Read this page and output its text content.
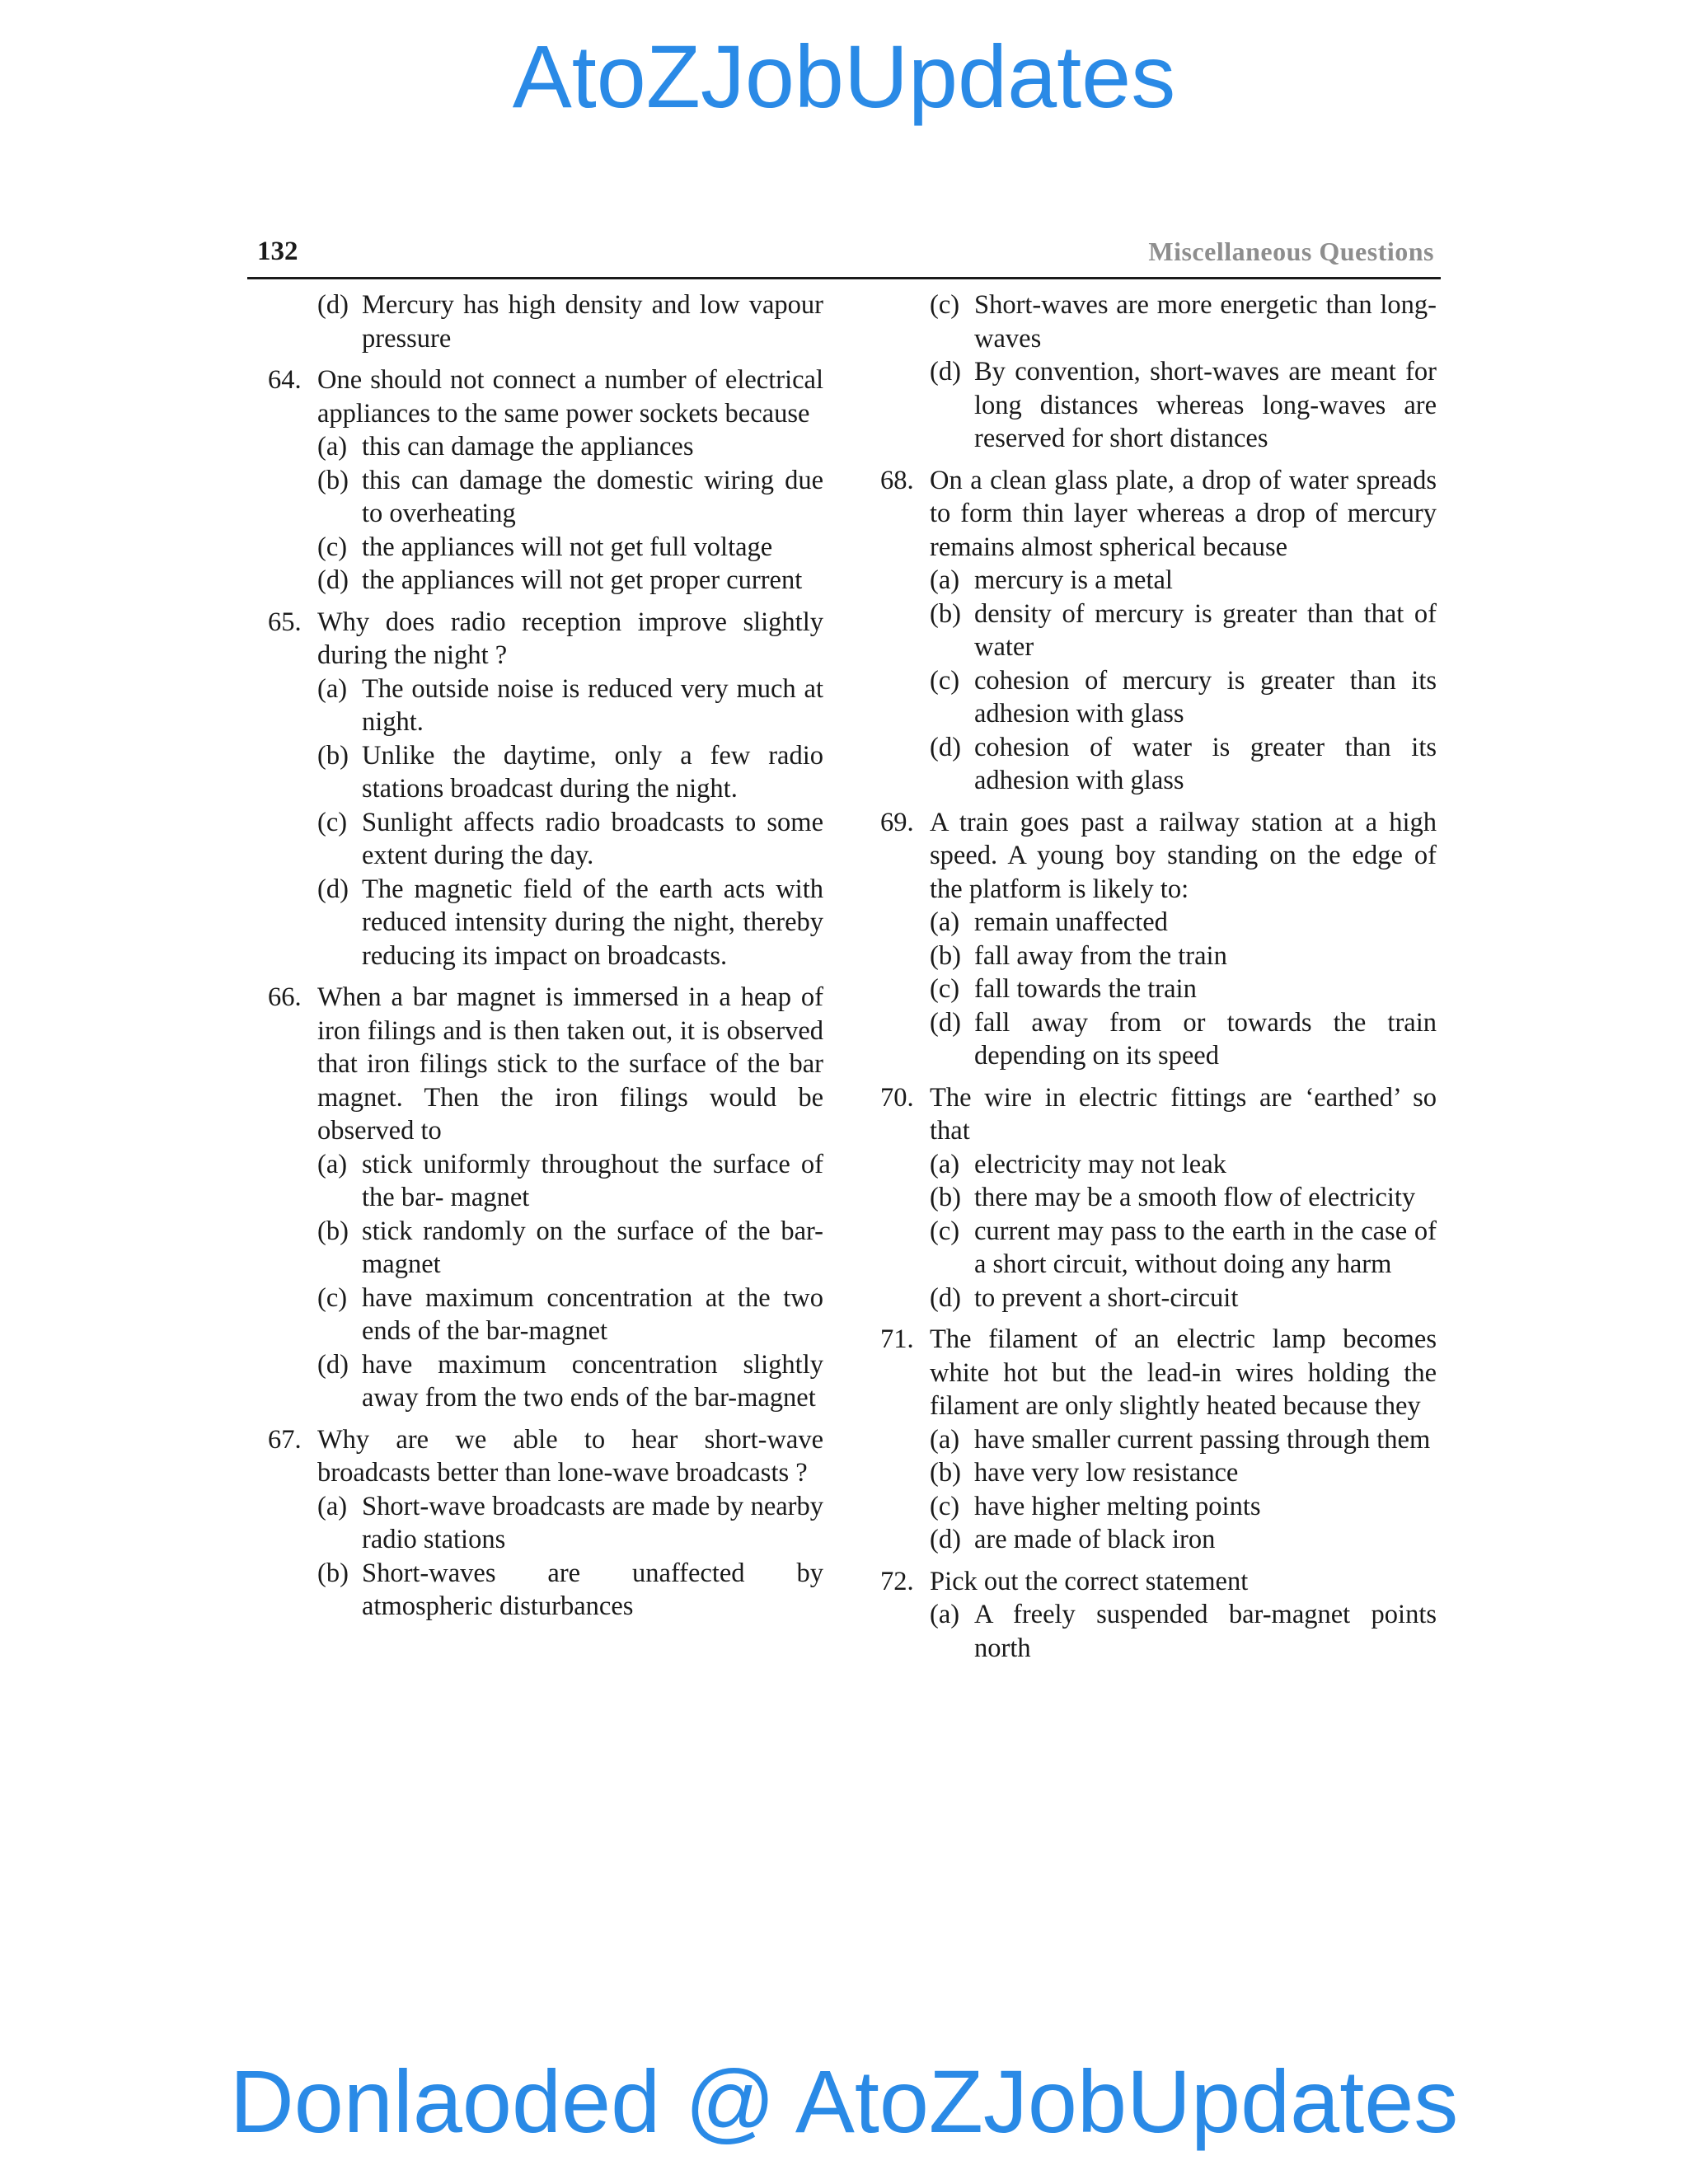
AtoZJobUpdates
132	Miscellaneous Questions
(d) Mercury has high density and low vapour pressure
64. One should not connect a number of electrical appliances to the same power sockets because
(a) this can damage the appliances
(b) this can damage the domestic wiring due to overheating
(c) the appliances will not get full voltage
(d) the appliances will not get proper current
65. Why does radio reception improve slightly during the night ?
(a) The outside noise is reduced very much at night.
(b) Unlike the daytime, only a few radio stations broadcast during the night.
(c) Sunlight affects radio broadcasts to some extent during the day.
(d) The magnetic field of the earth acts with reduced intensity during the night, thereby reducing its impact on broadcasts.
66. When a bar magnet is immersed in a heap of iron filings and is then taken out, it is observed that iron filings stick to the surface of the bar magnet. Then the iron filings would be observed to
(a) stick uniformly throughout the surface of the bar- magnet
(b) stick randomly on the surface of the bar-magnet
(c) have maximum concentration at the two ends of the bar-magnet
(d) have maximum concentration slightly away from the two ends of the bar-magnet
67. Why are we able to hear short-wave broadcasts better than lone-wave broadcasts ?
(a) Short-wave broadcasts are made by nearby radio stations
(b) Short-waves are unaffected by atmospheric disturbances
(c) Short-waves are more energetic than long-waves
(d) By convention, short-waves are meant for long distances whereas long-waves are reserved for short distances
68. On a clean glass plate, a drop of water spreads to form thin layer whereas a drop of mercury remains almost spherical because
(a) mercury is a metal
(b) density of mercury is greater than that of water
(c) cohesion of mercury is greater than its adhesion with glass
(d) cohesion of water is greater than its adhesion with glass
69. A train goes past a railway station at a high speed. A young boy standing on the edge of the platform is likely to:
(a) remain unaffected
(b) fall away from the train
(c) fall towards the train
(d) fall away from or towards the train depending on its speed
70. The wire in electric fittings are ‘earthed’ so that
(a) electricity may not leak
(b) there may be a smooth flow of electricity
(c) current may pass to the earth in the case of a short circuit, without doing any harm
(d) to prevent a short-circuit
71. The filament of an electric lamp becomes white hot but the lead-in wires holding the filament are only slightly heated because they
(a) have smaller current passing through them
(b) have very low resistance
(c) have higher melting points
(d) are made of black iron
72. Pick out the correct statement
(a) A freely suspended bar-magnet points north
Donlaoded @ AtoZJobUpdates
